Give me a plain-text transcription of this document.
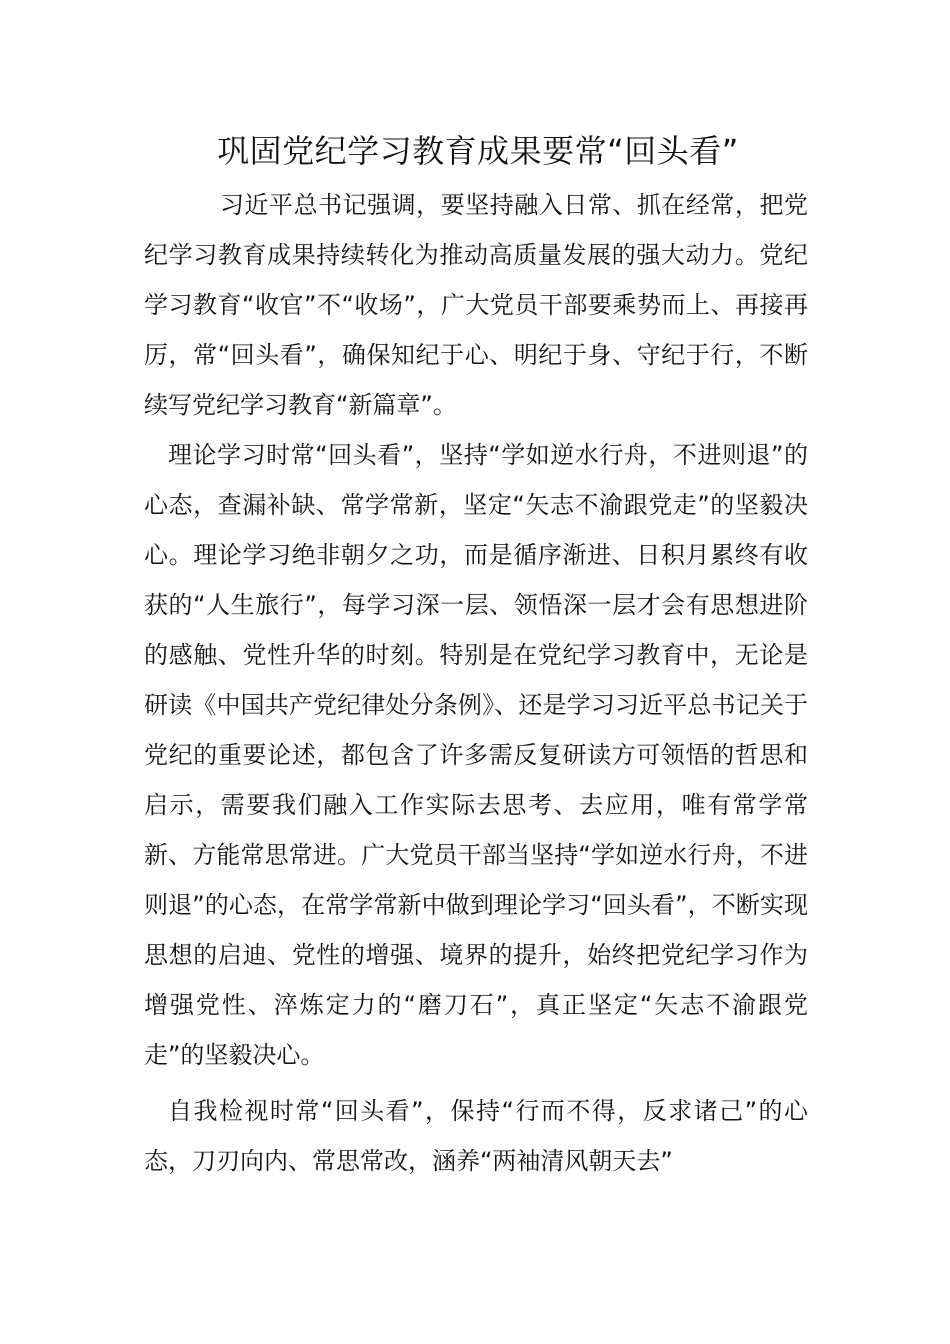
巩固党纪学习教育成果要常“回头看”

习近平总书记强调，要坚持融入日常、抓在经常，把党纪学习教育成果持续转化为推动高质量发展的强大动力。党纪学习教育“收官”不“收场”，广大党员干部要乘势而上、再接再厉，常“回头看”，确保知纪于心、明纪于身、守纪于行，不断续写党纪学习教育“新篇章”。

理论学习时常“回头看”，坚持“学如逆水行舟，不进则退”的心态，查漏补缺、常学常新，坚定“矢志不渝跟党走”的坚毅决心。理论学习绝非朝夕之功，而是循序渐进、日积月累终有收获的“人生旅行”，每学习深一层、领悟深一层才会有思想进阶的感触、党性升华的时刻。特别是在党纪学习教育中，无论是研读《中国共产党纪律处分条例》、还是学习习近平总书记关于党纪的重要论述，都包含了许多需反复研读方可领悟的哲思和启示，需要我们融入工作实际去思考、去应用，唯有常学常新、方能常思常进。广大党员干部当坚持“学如逆水行舟，不进则退”的心态，在常学常新中做到理论学习“回头看”，不断实现思想的启迪、党性的增强、境界的提升，始终把党纪学习作为增强党性、淬炼定力的“磨刀石”，真正坚定“矢志不渝跟党走”的坚毅决心。

自我检视时常“回头看”，保持“行而不得，反求诸己”的心态，刀刃向内、常思常改，涵养“两袖清风朝天去”
